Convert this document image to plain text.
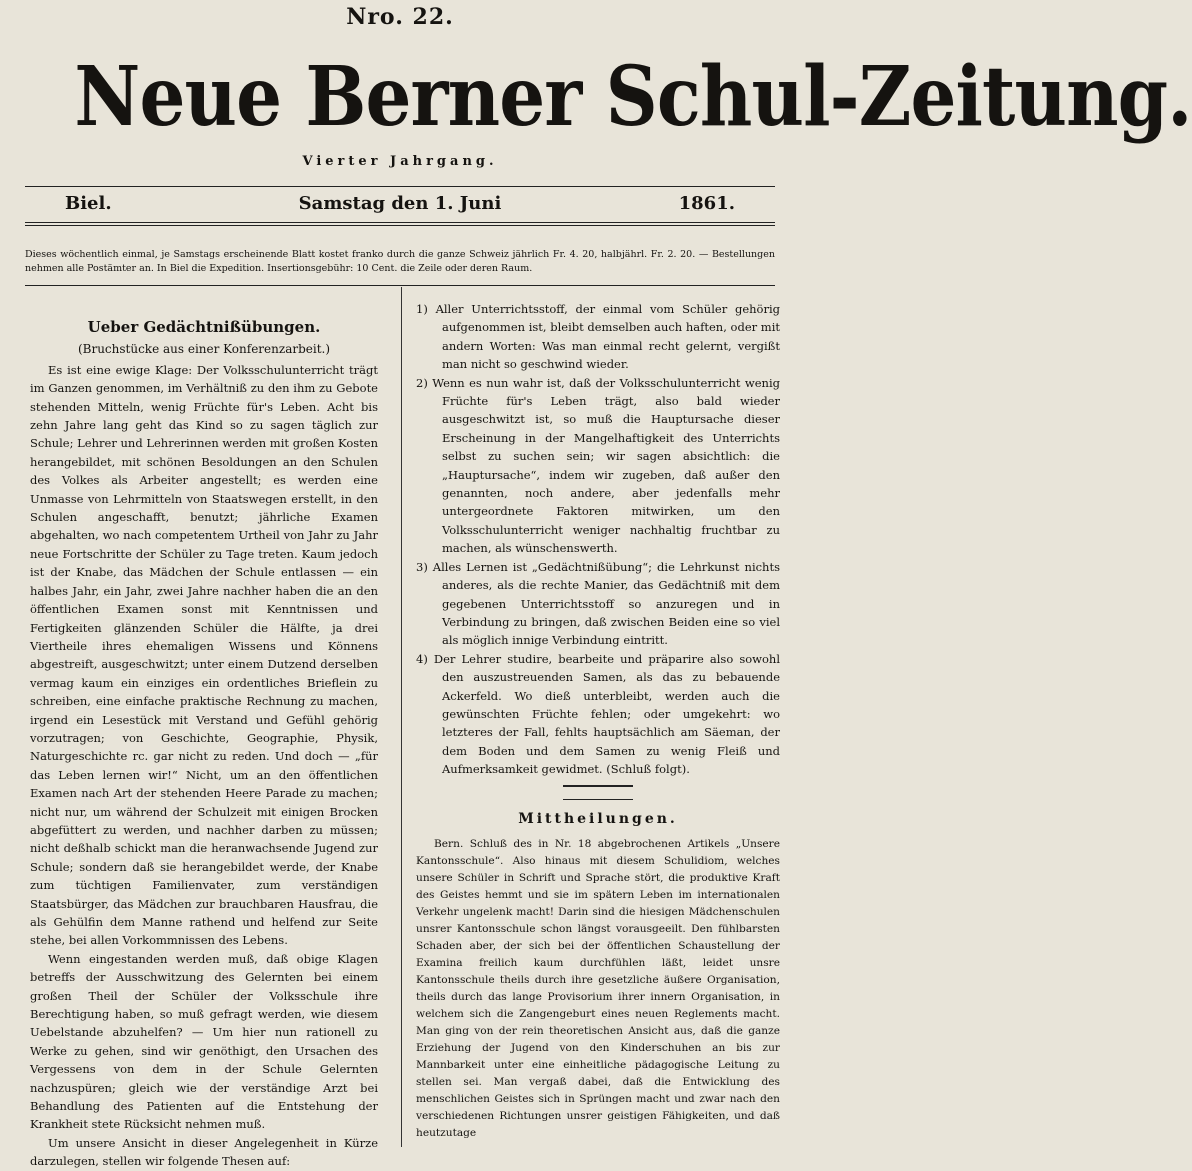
Nro. 22.
Neue Berner Schul-Zeitung.
Vierter Jahrgang.
Biel.	Samstag den 1. Juni	1861.
Dieses wöchentlich einmal, je Samstags erscheinende Blatt kostet franko durch die ganze Schweiz jährlich Fr. 4. 20, halbjährl. Fr. 2. 20. — Bestellungen nehmen alle Postämter an. In Biel die Expedition. Insertionsgebühr: 10 Cent. die Zeile oder deren Raum.
Ueber Gedächtnißübungen.
(Bruchstücke aus einer Konferenzarbeit.)

Es ist eine ewige Klage: Der Volksschulunterricht trägt im Ganzen genommen, im Verhältniß zu den ihm zu Gebote stehenden Mitteln, wenig Früchte für's Leben. Acht bis zehn Jahre lang geht das Kind so zu sagen täglich zur Schule; Lehrer und Lehrerinnen werden mit großen Kosten herangebildet, mit schönen Besoldungen an den Schulen des Volkes als Arbeiter angestellt; es werden eine Unmasse von Lehrmitteln von Staatswegen erstellt, in den Schulen angeschafft, benutzt; jährliche Examen abgehalten, wo nach competentem Urtheil von Jahr zu Jahr neue Fortschritte der Schüler zu Tage treten. Kaum jedoch ist der Knabe, das Mädchen der Schule entlassen — ein halbes Jahr, ein Jahr, zwei Jahre nachher haben die an den öffentlichen Examen sonst mit Kenntnissen und Fertigkeiten glänzenden Schüler die Hälfte, ja drei Viertheile ihres ehemaligen Wissens und Könnens abgestreift, ausgeschwitzt; unter einem Dutzend derselben vermag kaum ein einziges ein ordentliches Brieflein zu schreiben, eine einfache praktische Rechnung zu machen, irgend ein Lesestück mit Verstand und Gefühl gehörig vorzutragen; von Geschichte, Geographie, Physik, Naturgeschichte rc. gar nicht zu reden. Und doch — „für das Leben lernen wir!“ Nicht, um an den öffentlichen Examen nach Art der stehenden Heere Parade zu machen; nicht nur, um während der Schulzeit mit einigen Brocken abgefüttert zu werden, und nachher darben zu müssen; nicht deßhalb schickt man die heranwachsende Jugend zur Schule; sondern daß sie herangebildet werde, der Knabe zum tüchtigen Familienvater, zum verständigen Staatsbürger, das Mädchen zur brauchbaren Hausfrau, die als Gehülfin dem Manne rathend und helfend zur Seite stehe, bei allen Vorkommnissen des Lebens.

Wenn eingestanden werden muß, daß obige Klagen betreffs der Ausschwitzung des Gelernten bei einem großen Theil der Schüler der Volksschule ihre Berechtigung haben, so muß gefragt werden, wie diesem Uebelstande abzuhelfen? — Um hier nun rationell zu Werke zu gehen, sind wir genöthigt, den Ursachen des Vergessens von dem in der Schule Gelernten nachzuspüren; gleich wie der verständige Arzt bei Behandlung des Patienten auf die Entstehung der Krankheit stete Rücksicht nehmen muß.

Um unsere Ansicht in dieser Angelegenheit in Kürze darzulegen, stellen wir folgende Thesen auf:

1) Aller Unterrichtsstoff, der einmal vom Schüler gehörig aufgenommen ist, bleibt demselben auch haften, oder mit andern Worten: Was man einmal recht gelernt, vergißt man nicht so geschwind wieder.

2) Wenn es nun wahr ist, daß der Volksschulunterricht wenig Früchte für's Leben trägt, also bald wieder ausgeschwitzt ist, so muß die Hauptursache dieser Erscheinung in der Mangelhaftigkeit des Unterrichts selbst zu suchen sein; wir sagen absichtlich: die „Hauptursache“, indem wir zugeben, daß außer den genannten, noch andere, aber jedenfalls mehr untergeordnete Faktoren mitwirken, um den Volksschulunterricht weniger nachhaltig fruchtbar zu machen, als wünschenswerth.

3) Alles Lernen ist „Gedächtnißübung“; die Lehrkunst nichts anderes, als die rechte Manier, das Gedächtniß mit dem gegebenen Unterrichtsstoff so anzuregen und in Verbindung zu bringen, daß zwischen Beiden eine so viel als möglich innige Verbindung eintritt.

4) Der Lehrer studire, bearbeite und präparire also sowohl den auszustreuenden Samen, als das zu bebauende Ackerfeld. Wo dieß unterbleibt, werden auch die gewünschten Früchte fehlen; oder umgekehrt: wo letzteres der Fall, fehlts hauptsächlich am Säeman, der dem Boden und dem Samen zu wenig Fleiß und Aufmerksamkeit gewidmet. (Schluß folgt).

Mittheilungen.

Bern. Schluß des in Nr. 18 abgebrochenen Artikels „Unsere Kantonsschule“. Also hinaus mit diesem Schulidiom, welches unsere Schüler in Schrift und Sprache stört, die produktive Kraft des Geistes hemmt und sie im spätern Leben im internationalen Verkehr ungelenk macht! Darin sind die hiesigen Mädchenschulen unsrer Kantonsschule schon längst vorausgeeilt. Den fühlbarsten Schaden aber, der sich bei der öffentlichen Schaustellung der Examina freilich kaum durchfühlen läßt, leidet unsre Kantonsschule theils durch ihre gesetzliche äußere Organisation, theils durch das lange Provisorium ihrer innern Organisation, in welchem sich die Zangengeburt eines neuen Reglements macht. Man ging von der rein theoretischen Ansicht aus, daß die ganze Erziehung der Jugend von den Kinderschuhen an bis zur Mannbarkeit unter eine einheitliche pädagogische Leitung zu stellen sei. Man vergaß dabei, daß die Entwicklung des menschlichen Geistes sich in Sprüngen macht und zwar nach den verschiedenen Richtungen unsrer geistigen Fähigkeiten, und daß heutzutage
